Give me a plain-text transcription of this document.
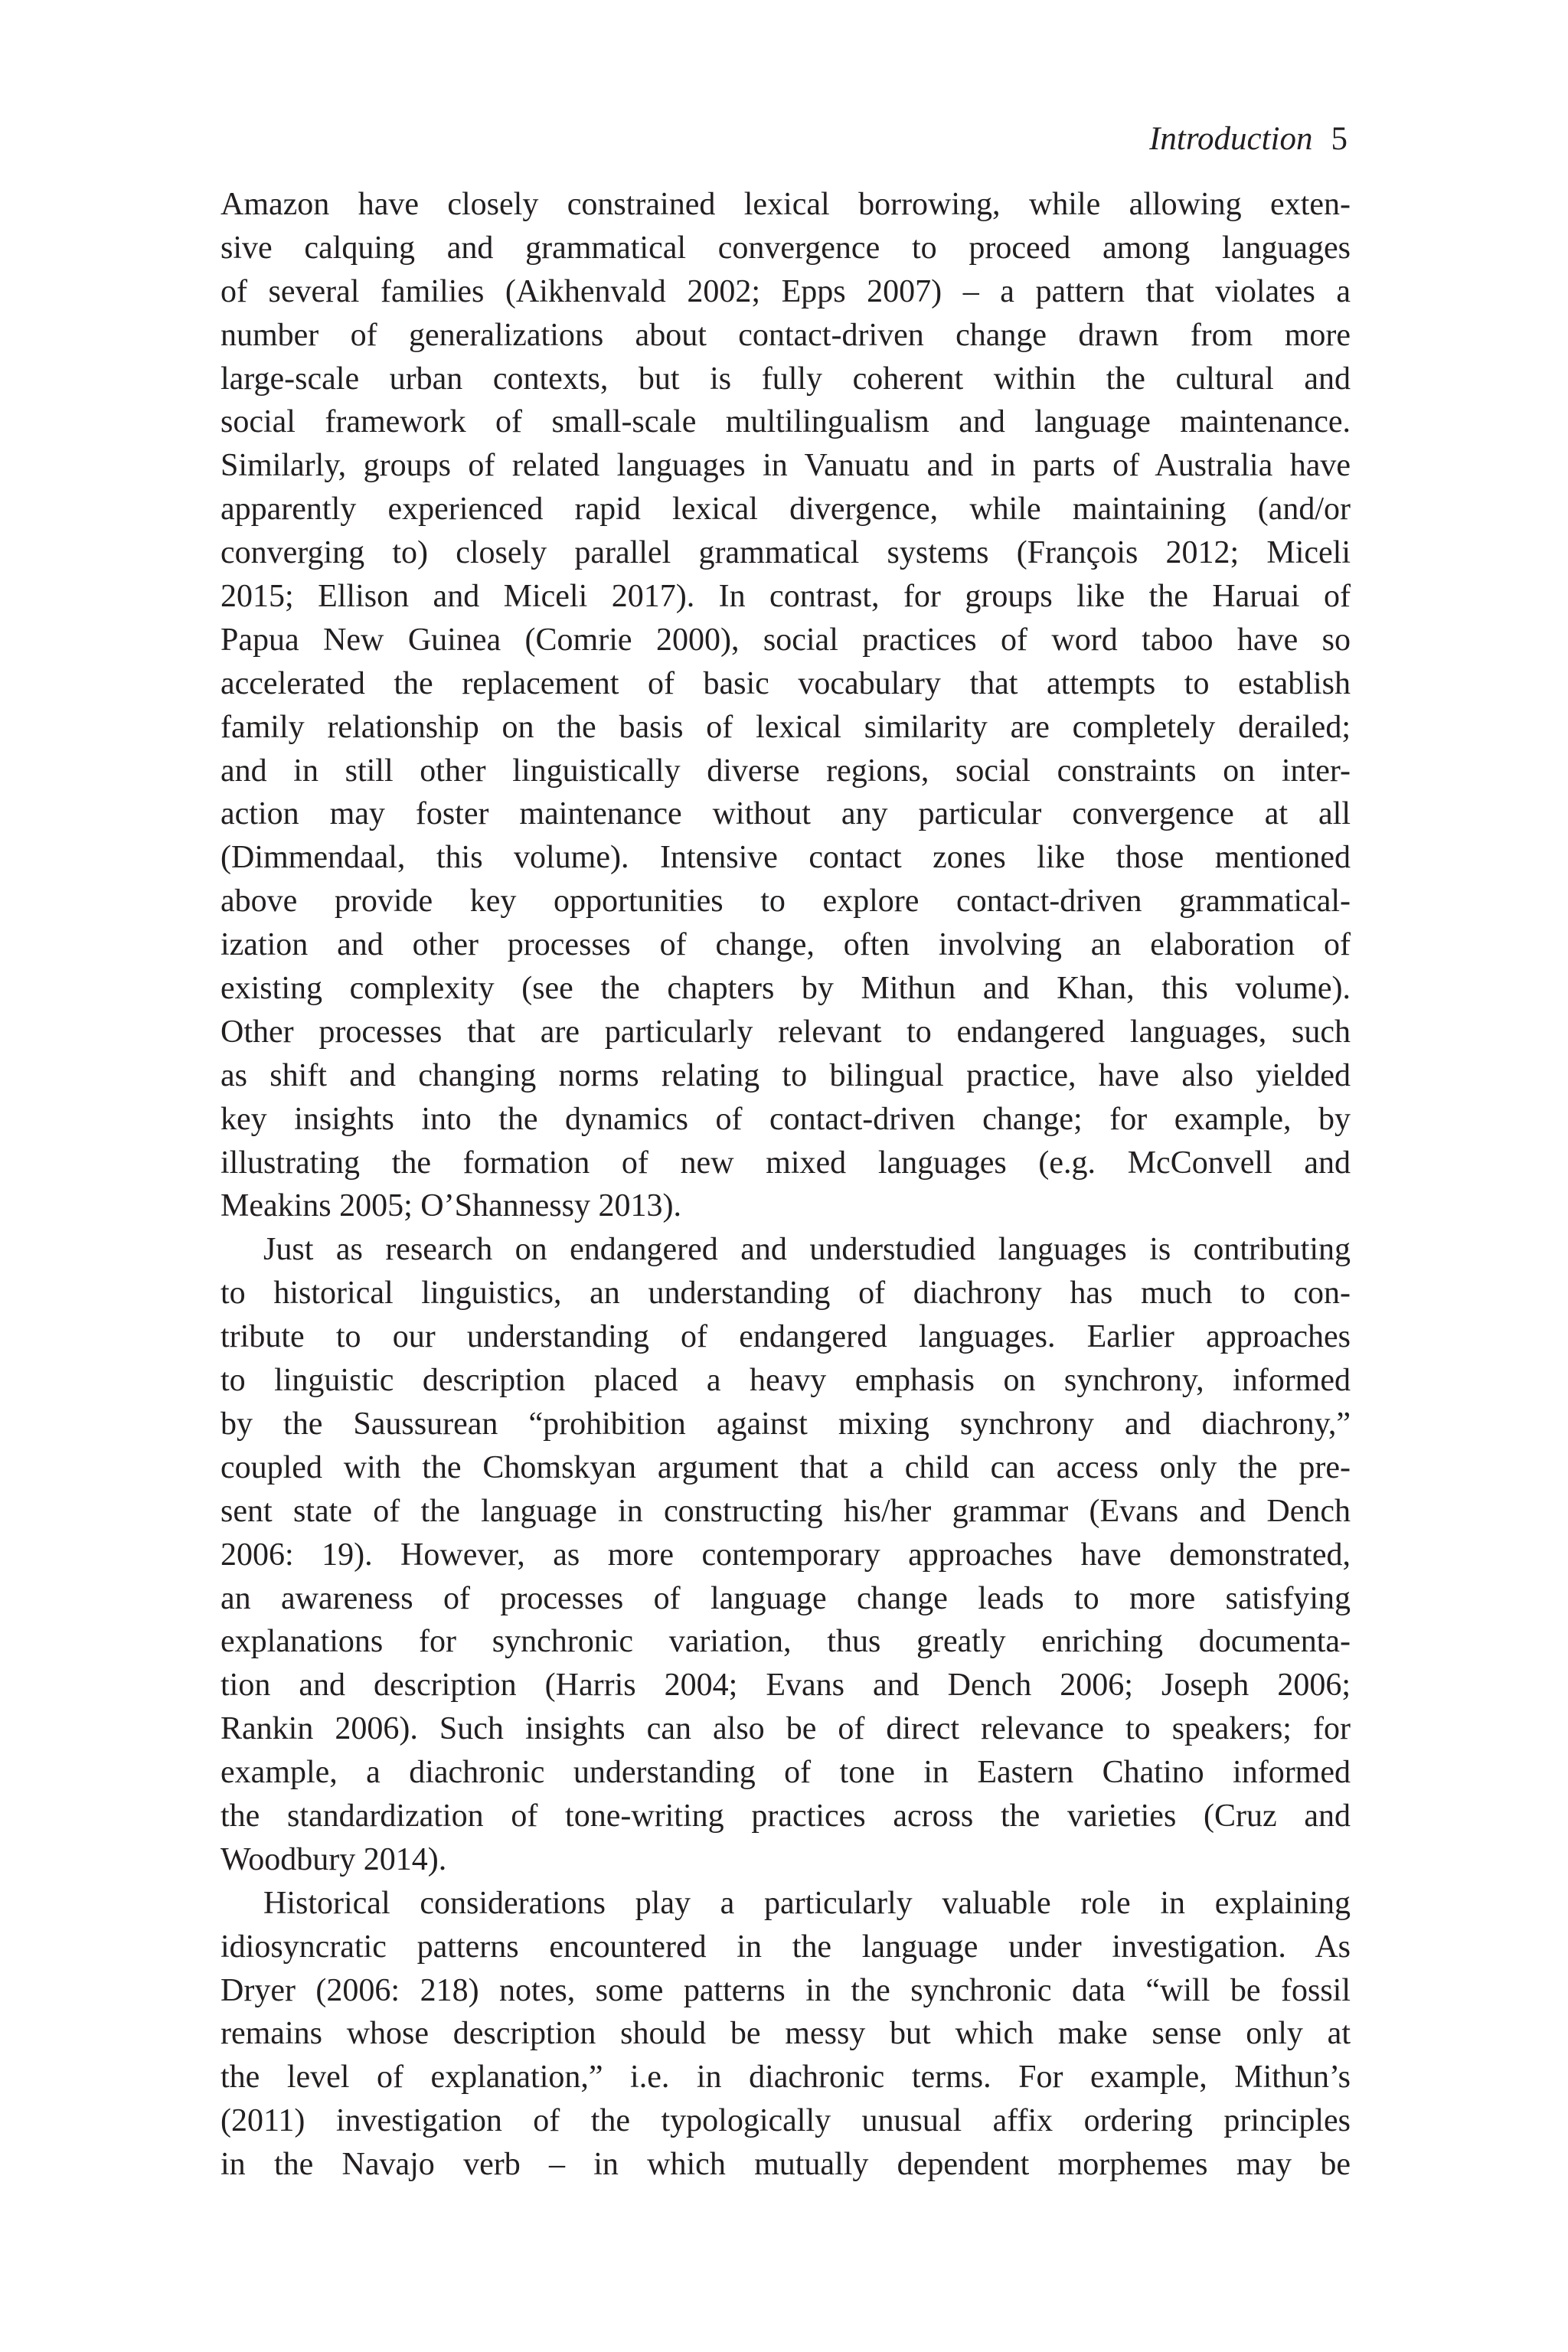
Introduction 5
Amazon have closely constrained lexical borrowing, while allowing exten-
sive calquing and grammatical convergence to proceed among languages
of several families (Aikhenvald 2002; Epps 2007) – a pattern that violates a
number of generalizations about contact-driven change drawn from more
large-scale urban contexts, but is fully coherent within the cultural and
social framework of small-scale multilingualism and language maintenance.
Similarly, groups of related languages in Vanuatu and in parts of Australia have
apparently experienced rapid lexical divergence, while maintaining (and/or
converging to) closely parallel grammatical systems (François 2012; Miceli
2015; Ellison and Miceli 2017). In contrast, for groups like the Haruai of
Papua New Guinea (Comrie 2000), social practices of word taboo have so
accelerated the replacement of basic vocabulary that attempts to establish
family relationship on the basis of lexical similarity are completely derailed;
and in still other linguistically diverse regions, social constraints on inter-
action may foster maintenance without any particular convergence at all
(Dimmendaal, this volume). Intensive contact zones like those mentioned
above provide key opportunities to explore contact-driven grammatical-
ization and other processes of change, often involving an elaboration of
existing complexity (see the chapters by Mithun and Khan, this volume).
Other processes that are particularly relevant to endangered languages, such
as shift and changing norms relating to bilingual practice, have also yielded
key insights into the dynamics of contact-driven change; for example, by
illustrating the formation of new mixed languages (e.g. McConvell and
Meakins 2005; O’Shannessy 2013).
Just as research on endangered and understudied languages is contributing
to historical linguistics, an understanding of diachrony has much to con-
tribute to our understanding of endangered languages. Earlier approaches
to linguistic description placed a heavy emphasis on synchrony, informed
by the Saussurean “prohibition against mixing synchrony and diachrony,”
coupled with the Chomskyan argument that a child can access only the pre-
sent state of the language in constructing his/her grammar (Evans and Dench
2006: 19). However, as more contemporary approaches have demonstrated,
an awareness of processes of language change leads to more satisfying
explanations for synchronic variation, thus greatly enriching documenta-
tion and description (Harris 2004; Evans and Dench 2006; Joseph 2006;
Rankin 2006). Such insights can also be of direct relevance to speakers; for
example, a diachronic understanding of tone in Eastern Chatino informed
the standardization of tone-writing practices across the varieties (Cruz and
Woodbury 2014).
Historical considerations play a particularly valuable role in explaining
idiosyncratic patterns encountered in the language under investigation. As
Dryer (2006: 218) notes, some patterns in the synchronic data “will be fossil
remains whose description should be messy but which make sense only at
the level of explanation,” i.e. in diachronic terms. For example, Mithun’s
(2011) investigation of the typologically unusual affix ordering principles
in the Navajo verb – in which mutually dependent morphemes may be
